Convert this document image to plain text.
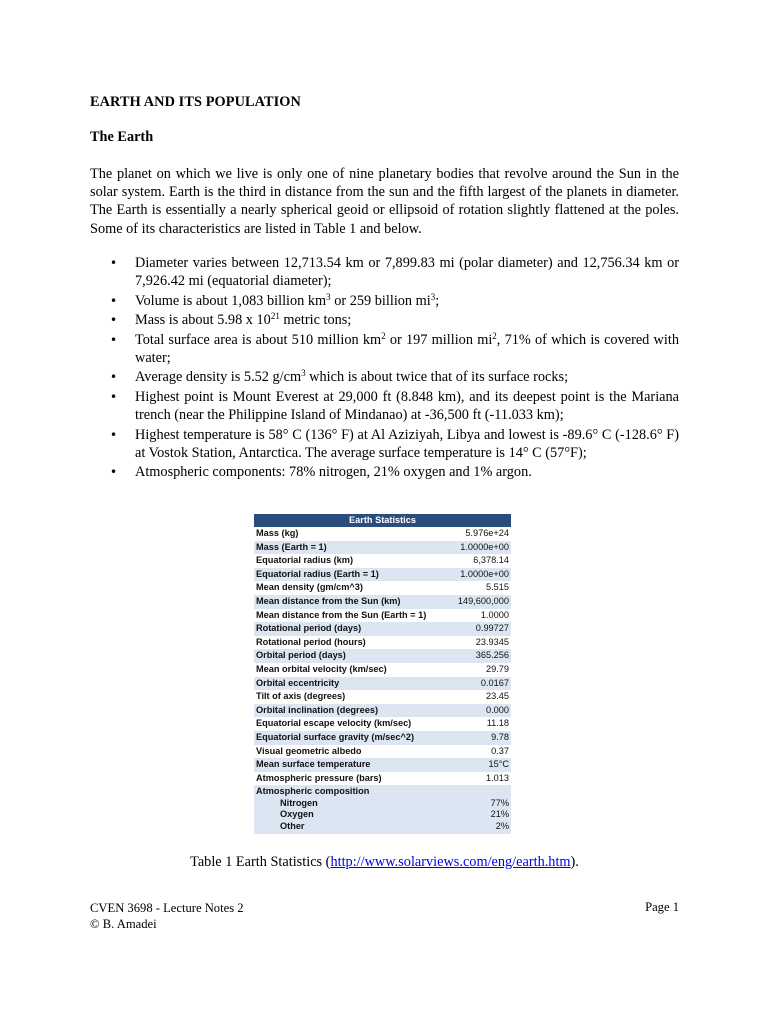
EARTH AND ITS POPULATION
The Earth

The planet on which we live is only one of nine planetary bodies that revolve around the Sun in the solar system. Earth is the third in distance from the sun and the fifth largest of the planets in diameter. The Earth is essentially a nearly spherical geoid or ellipsoid of rotation slightly flattened at the poles. Some of its characteristics are listed in Table 1 and below.

• Diameter varies between 12,713.54 km or 7,899.83 mi (polar diameter) and 12,756.34 km or 7,926.42 mi (equatorial diameter);
• Volume is about 1,083 billion $km^3$ or 259 billion $mi^3$;
• Mass is about 5.98 x $10^{21}$ metric tons;
• Total surface area is about 510 million $km^2$ or 197 million $mi^2$, 71% of which is covered with water;
• Average density is 5.52 $g/cm^3$ which is about twice that of its surface rocks;
• Highest point is Mount Everest at 29,000 ft (8.848 km), and its deepest point is the Mariana trench (near the Philippine Island of Mindanao) at -36,500 ft (-11.033 km);
• Highest temperature is 58° C (136° F) at Al Aziziyah, Libya and lowest is -89.6° C (-128.6° F) at Vostok Station, Antarctica. The average surface temperature is 14° C (57°F);
• Atmospheric components: 78% nitrogen, 21% oxygen and 1% argon.
Earth Statistics
Mass (kg)	5.976e+24
Mass (Earth = 1)	1.0000e+00
Equatorial radius (km)	6,378.14
Equatorial radius (Earth = 1)	1.0000e+00
Mean density (gm/cm^3)	5.515
Mean distance from the Sun (km)	149,600,000
Mean distance from the Sun (Earth = 1)	1.0000
Rotational period (days)	0.99727
Rotational period (hours)	23.9345
Orbital period (days)	365.256
Mean orbital velocity (km/sec)	29.79
Orbital eccentricity	0.0167
Tilt of axis (degrees)	23.45
Orbital inclination (degrees)	0.000
Equatorial escape velocity (km/sec)	11.18
Equatorial surface gravity (m/sec^2)	9.78
Visual geometric albedo	0.37
Mean surface temperature	15°C
Atmospheric pressure (bars)	1.013
Atmospheric composition
Nitrogen	77%
Oxygen	21%
Other	2%
Table 1 Earth Statistics (http://www.solarviews.com/eng/earth.htm).
CVEN 3698 - Lecture Notes 2
© B. Amadei
Page 1
